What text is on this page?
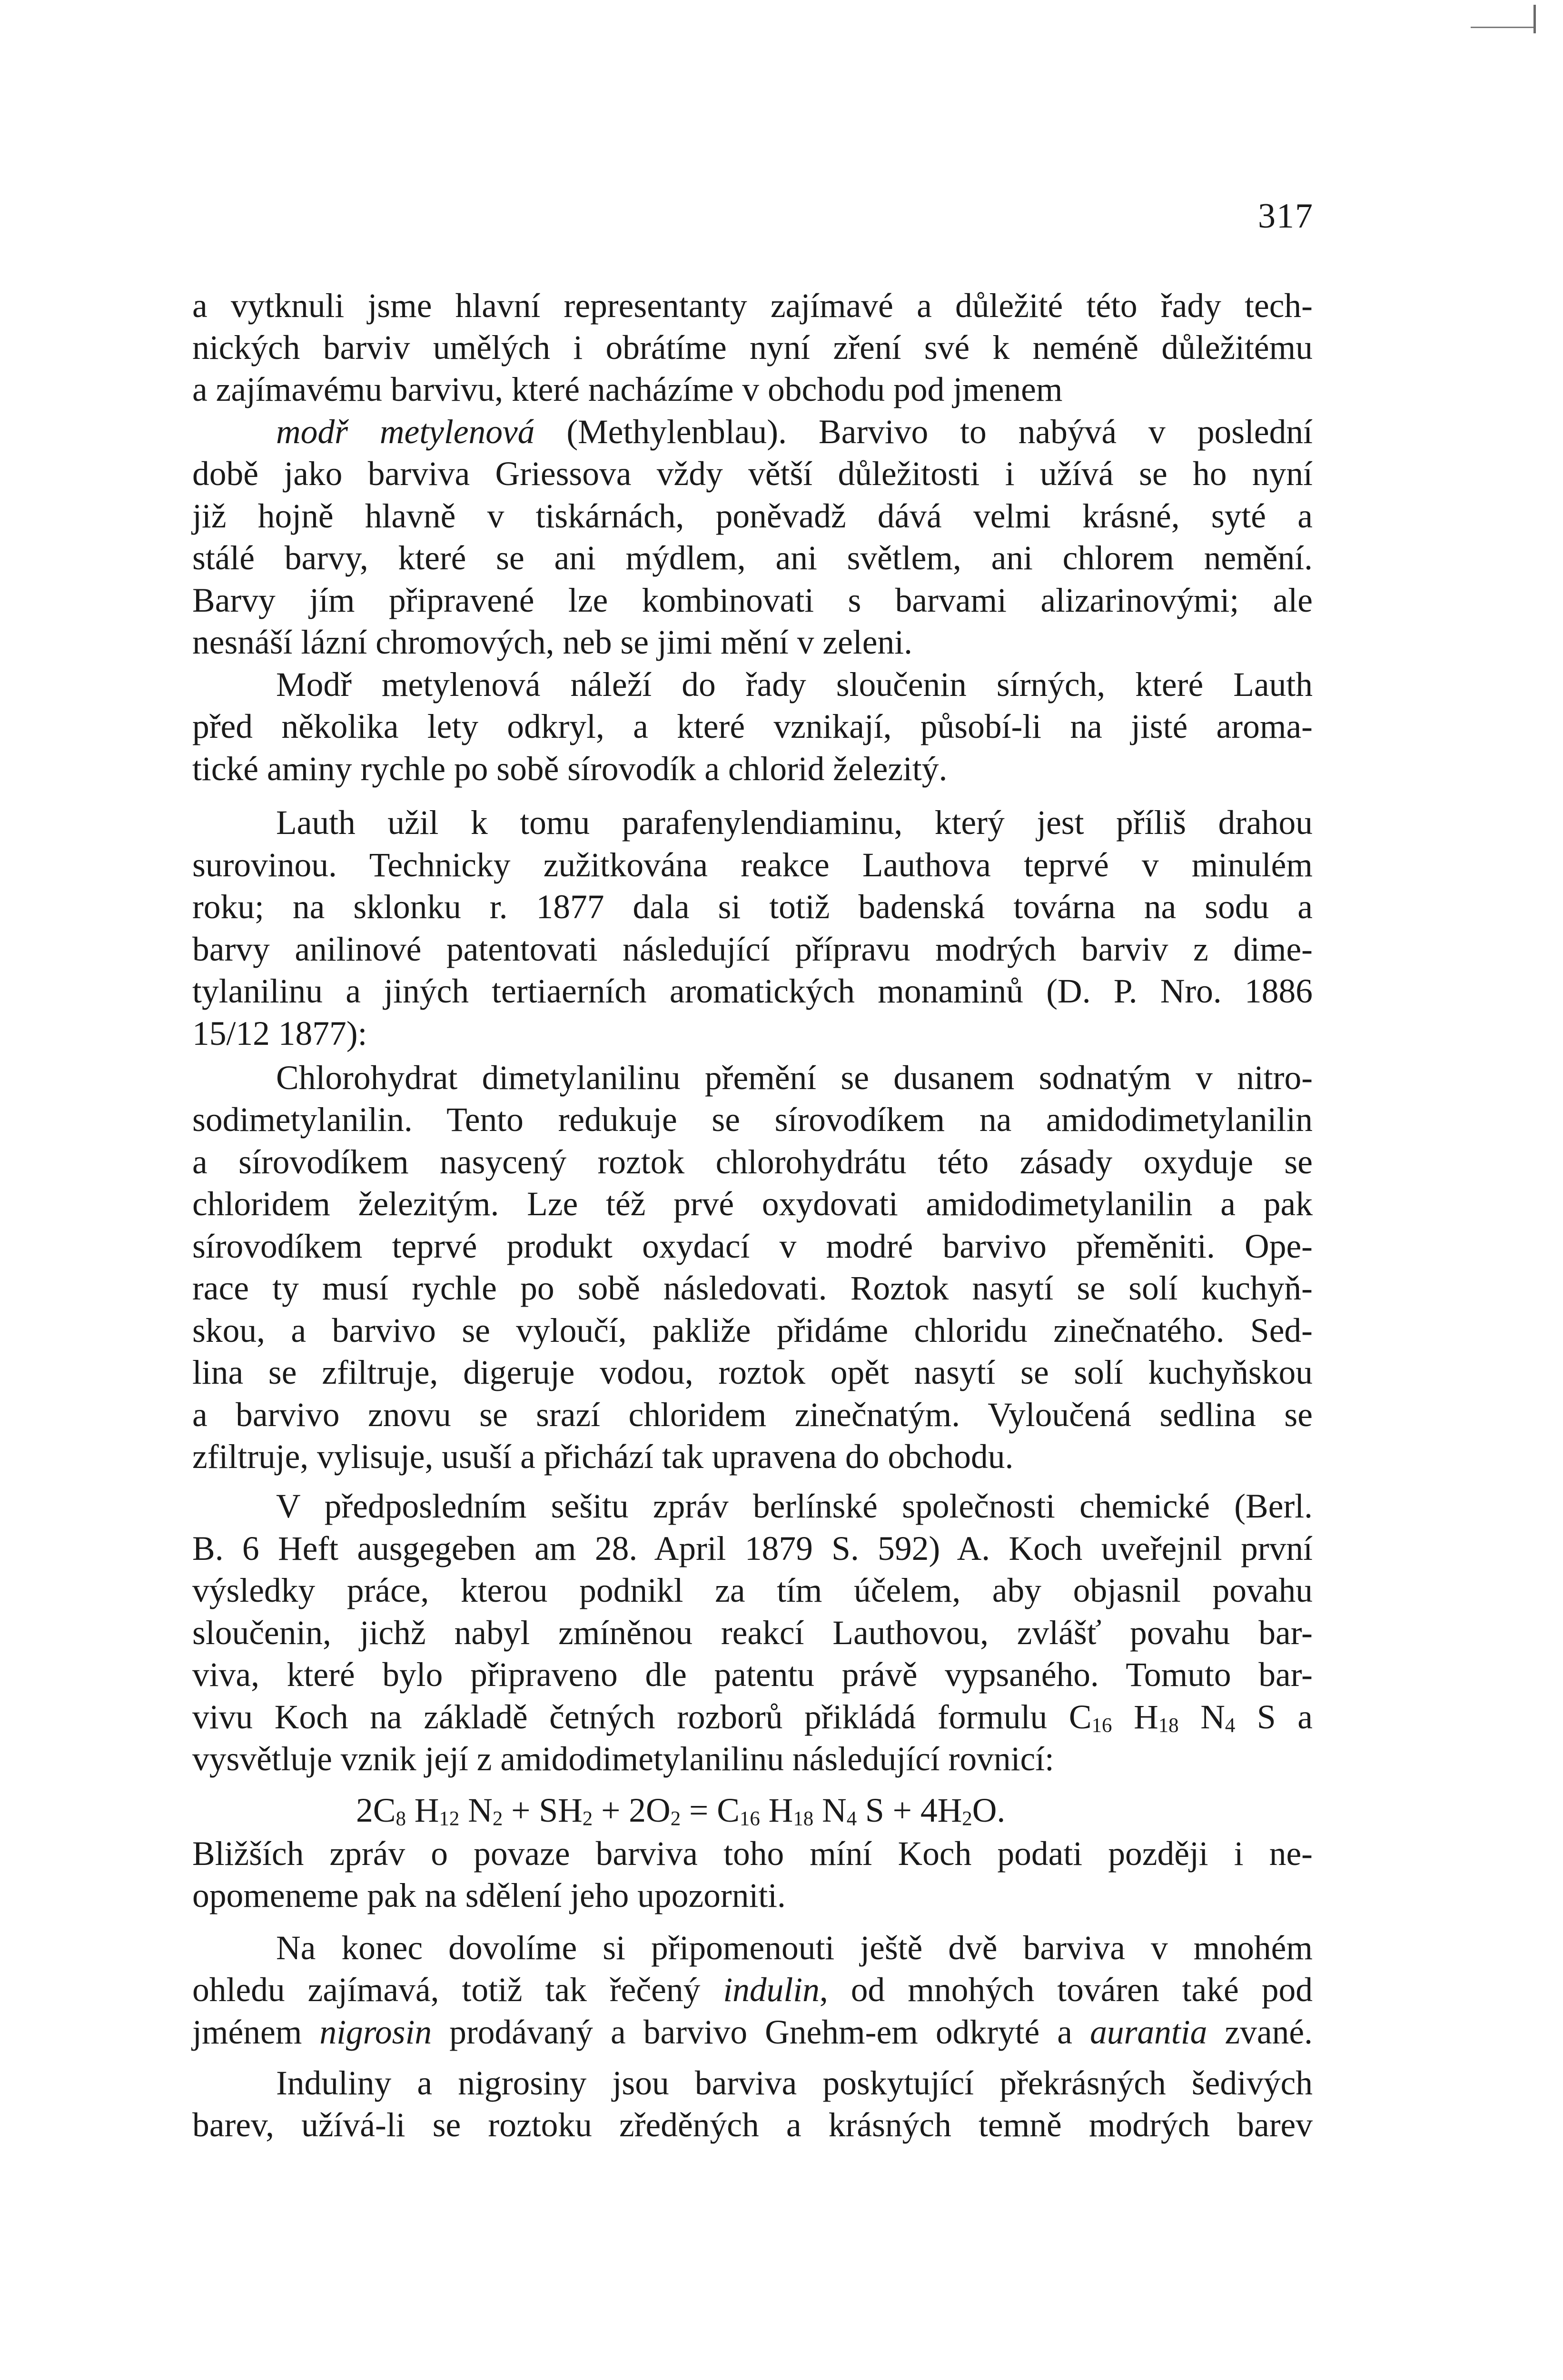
317
a vytknuli jsme hlavní representanty zajímavé a důležité této řady tech-
nických barviv umělých i obrátíme nyní zření své k neméně důležitému
a zajímavému barvivu, které nacházíme v obchodu pod jmenem
modř metylenová (Methylenblau). Barvivo to nabývá v poslední
době jako barviva Griessova vždy větší důležitosti i užívá se ho nyní
již hojně hlavně v tiskárnách, poněvadž dává velmi krásné, syté a
stálé barvy, které se ani mýdlem, ani světlem, ani chlorem nemění.
Barvy jím připravené lze kombinovati s barvami alizarinovými; ale
nesnáší lázní chromových, neb se jimi mění v zeleni.
Modř metylenová náleží do řady sloučenin sírných, které Lauth
před několika lety odkryl, a které vznikají, působí-li na jisté aroma-
tické aminy rychle po sobě sírovodík a chlorid železitý.
Lauth užil k tomu parafenylendiaminu, který jest příliš drahou
surovinou. Technicky zužitkována reakce Lauthova teprvé v minulém
roku; na sklonku r. 1877 dala si totiž badenská továrna na sodu a
barvy anilinové patentovati následující přípravu modrých barviv z dime-
tylanilinu a jiných tertiaerních aromatických monaminů (D. P. Nro. 1886
15/12 1877):
Chlorohydrat dimetylanilinu přemění se dusanem sodnatým v nitro-
sodimetylanilin. Tento redukuje se sírovodíkem na amidodimetylanilin
a sírovodíkem nasycený roztok chlorohydrátu této zásady oxyduje se
chloridem železitým. Lze též prvé oxydovati amidodimetylanilin a pak
sírovodíkem teprvé produkt oxydací v modré barvivo přeměniti. Ope-
race ty musí rychle po sobě následovati. Roztok nasytí se solí kuchyň-
skou, a barvivo se vyloučí, pakliže přidáme chloridu zinečnatého. Sed-
lina se zfiltruje, digeruje vodou, roztok opět nasytí se solí kuchyňskou
a barvivo znovu se srazí chloridem zinečnatým. Vyloučená sedlina se
zfiltruje, vylisuje, usuší a přichází tak upravena do obchodu.
V předposledním sešitu zpráv berlínské společnosti chemické (Berl.
B. 6 Heft ausgegeben am 28. April 1879 S. 592) A. Koch uveřejnil první
výsledky práce, kterou podnikl za tím účelem, aby objasnil povahu
sloučenin, jichž nabyl zmíněnou reakcí Lauthovou, zvlášť povahu bar-
viva, které bylo připraveno dle patentu právě vypsaného. Tomuto bar-
vivu Koch na základě četných rozborů přikládá formulu $C_{16}$ $H_{18}$ $N_4$ S a
vysvětluje vznik její z amidodimetylanilinu následující rovnicí:
$2C_8$ $H_{12}$ $N_2 + SH_2 + 2O_2 = C_{16}$ $H_{18}$ $N_4$ $S + 4H_2O$.
Bližších zpráv o povaze barviva toho míní Koch podati později i ne-
opomeneme pak na sdělení jeho upozorniti.
Na konec dovolíme si připomenouti ještě dvě barviva v mnohém
ohledu zajímavá, totiž tak řečený indulin, od mnohých továren také pod
jménem nigrosin prodávaný a barvivo Gnehm-em odkryté a aurantia zvané.
Induliny a nigrosiny jsou barviva poskytující překrásných šedivých
barev, užívá-li se roztoku zředěných a krásných temně modrých barev
